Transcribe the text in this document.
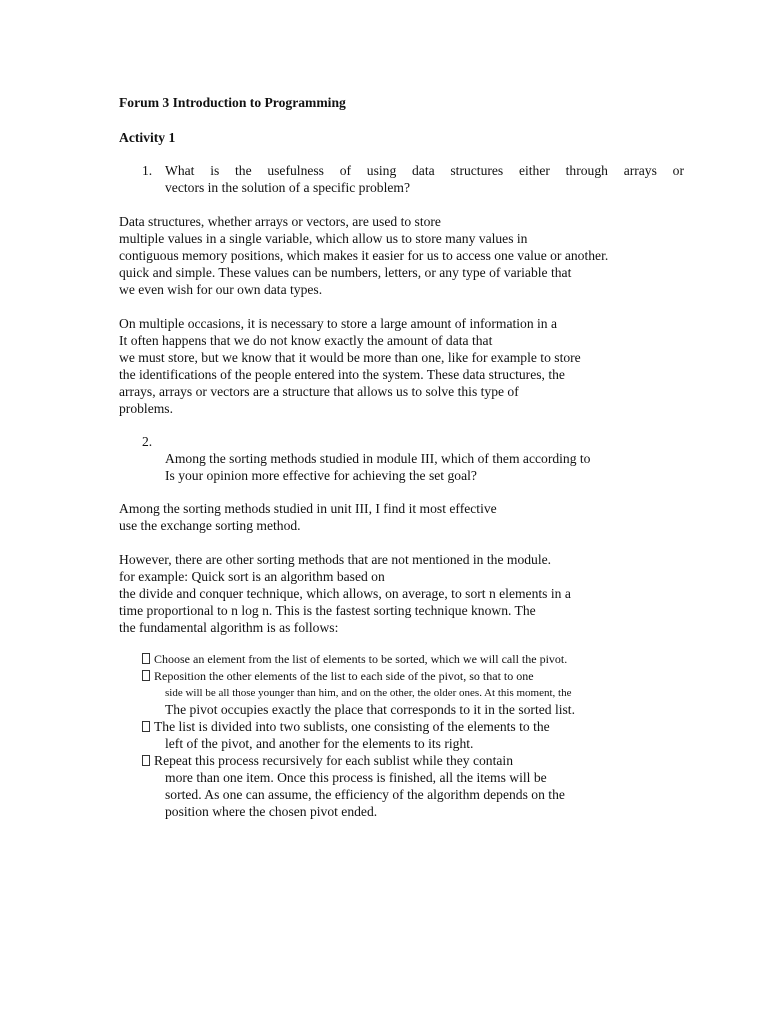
Forum 3 Introduction to Programming
Activity 1
1. What is the usefulness of using data structures either through arrays or
vectors in the solution of a specific problem?
Data structures, whether arrays or vectors, are used to store
multiple values in a single variable, which allow us to store many values in
contiguous memory positions, which makes it easier for us to access one value or another.
quick and simple. These values can be numbers, letters, or any type of variable that
we even wish for our own data types.
On multiple occasions, it is necessary to store a large amount of information in a
It often happens that we do not know exactly the amount of data that
we must store, but we know that it would be more than one, like for example to store
the identifications of the people entered into the system. These data structures, the
arrays, arrays or vectors are a structure that allows us to solve this type of
problems.
2.
Among the sorting methods studied in module III, which of them according to
Is your opinion more effective for achieving the set goal?
Among the sorting methods studied in unit III, I find it most effective
use the exchange sorting method.
However, there are other sorting methods that are not mentioned in the module.
for example: Quick sort is an algorithm based on
the divide and conquer technique, which allows, on average, to sort n elements in a
time proportional to n log n. This is the fastest sorting technique known. The
the fundamental algorithm is as follows:
Choose an element from the list of elements to be sorted, which we will call the pivot.
Reposition the other elements of the list to each side of the pivot, so that to one
side will be all those younger than him, and on the other, the older ones. At this moment, the
The pivot occupies exactly the place that corresponds to it in the sorted list.
The list is divided into two sublists, one consisting of the elements to the
left of the pivot, and another for the elements to its right.
Repeat this process recursively for each sublist while they contain
more than one item. Once this process is finished, all the items will be
sorted. As one can assume, the efficiency of the algorithm depends on the
position where the chosen pivot ended.
